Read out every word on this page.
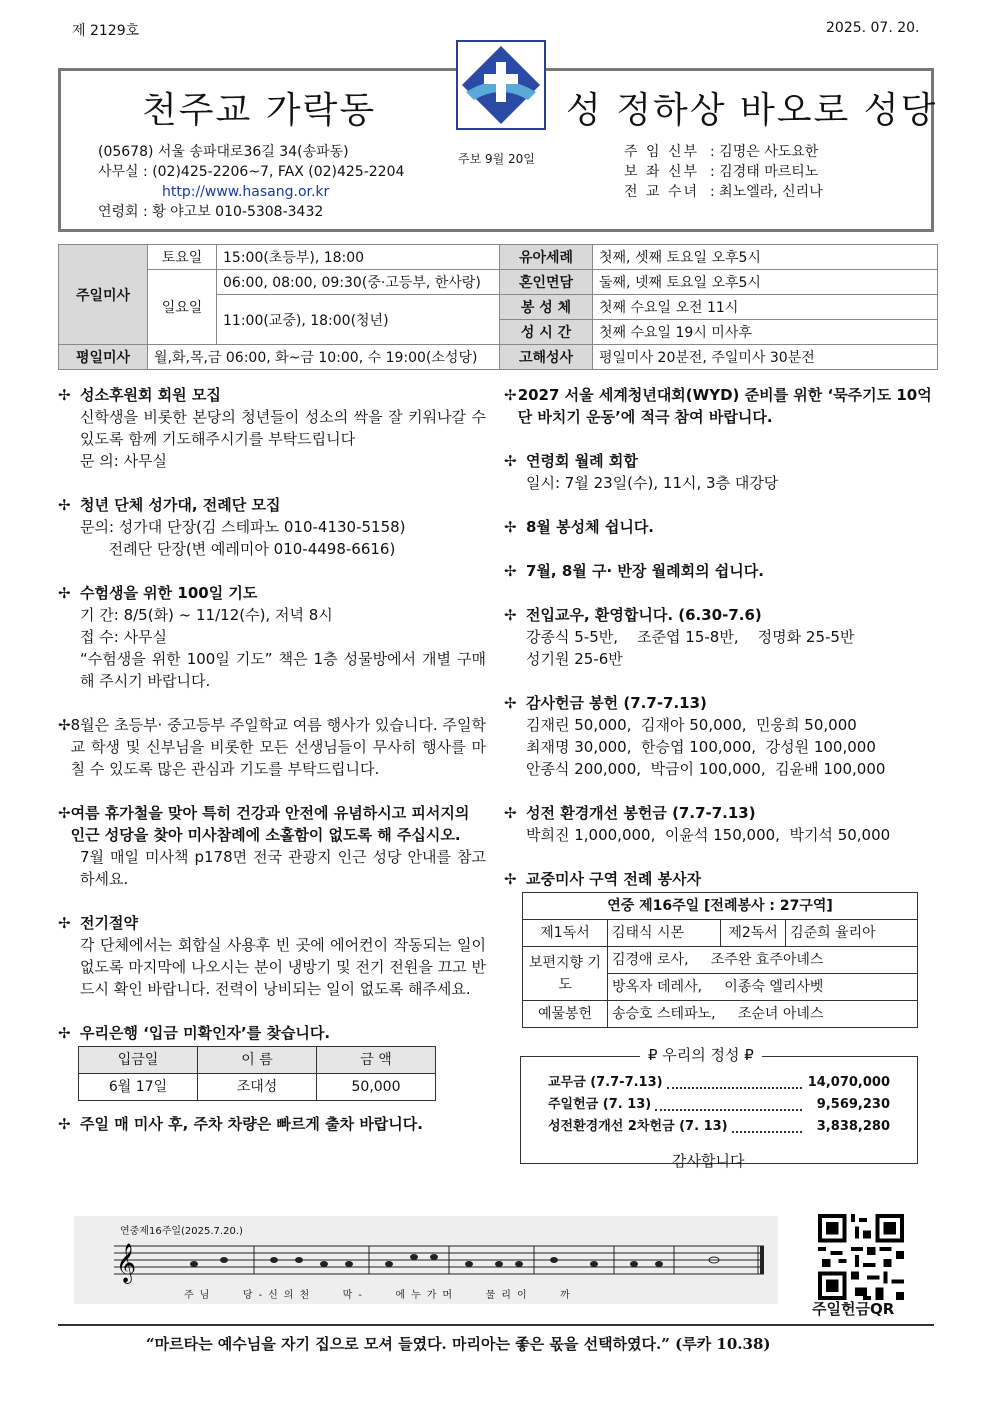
제 2129호	2025. 07. 20.
천주교 가락동	성 정하상 바오로 성당
(05678) 서울 송파대로36길 34(송파동)
사무실 : (02)425-2206~7, FAX (02)425-2204
http://www.hasang.or.kr
연령회 : 황 야고보 010-5308-3432
주보 9월 20일	주 임 신부 : 김명은 사도요한
보 좌 신부 : 김경태 마르티노
전 교 수녀 : 최노엘라, 신리나
주일미사	토요일	15:00(초등부), 18:00	유아세례	첫째, 셋째 토요일 오후5시
	일요일	06:00, 08:00, 09:30(중·고등부, 한사랑)	혼인면담	둘째, 넷째 토요일 오후5시
		11:00(교중), 18:00(청년)	봉 성 체	첫째 수요일 오전 11시
			성 시 간	첫째 수요일 19시 미사후
평일미사	월,화,목,금 06:00, 화~금 10:00, 수 19:00(소성당)		고해성사	평일미사 20분전, 주일미사 30분전
✢ 성소후원회 회원 모집
신학생을 비롯한 본당의 청년들이 성소의 싹을 잘 키워나갈 수 있도록 함께 기도해주시기를 부탁드립니다
문 의: 사무실
✢ 청년 단체 성가대, 전례단 모집
문의: 성가대 단장(김 스테파노 010-4130-5158)
전례단 단장(변 예레미아 010-4498-6616)
✢ 수험생을 위한 100일 기도
기 간: 8/5(화) ~ 11/12(수), 저녁 8시
접 수: 사무실
“수험생을 위한 100일 기도” 책은 1층 성물방에서 개별 구매해 주시기 바랍니다.
✢ 8월은 초등부· 중고등부 주일학교 여름 행사가 있습니다. 주일학교 학생 및 신부님을 비롯한 모든 선생님들이 무사히 행사를 마칠 수 있도록 많은 관심과 기도를 부탁드립니다.
✢ 여름 휴가철을 맞아 특히 건강과 안전에 유념하시고 피서지의 인근 성당을 찾아 미사참례에 소홀함이 없도록 해 주십시오.
7월 매일 미사책 p178면 전국 관광지 인근 성당 안내를 참고하세요.
✢ 전기절약
각 단체에서는 회합실 사용후 빈 곳에 에어컨이 작동되는 일이 없도록 마지막에 나오시는 분이 냉방기 및 전기 전원을 끄고 반드시 확인 바랍니다. 전력이 낭비되는 일이 없도록 해주세요.
✢ 우리은행 ‘입금 미확인자’를 찾습니다.
입금일	이 름	금 액
6월 17일	조대성	50,000
✢ 주일 매 미사 후, 주차 차량은 빠르게 출차 바랍니다.
✢ 2027 서울 세계청년대회(WYD) 준비를 위한 ‘묵주기도 10억단 바치기 운동’에 적극 참여 바랍니다.
✢ 연령회 월례 회합
일시: 7월 23일(수), 11시, 3층 대강당
✢ 8월 봉성체 쉽니다.
✢ 7월, 8월 구· 반장 월례회의 쉽니다.
✢ 전입교우, 환영합니다. (6.30-7.6)
강종식 5-5반,    조준엽 15-8반,    정명화 25-5반
성기원 25-6반
✢ 감사헌금 봉헌 (7.7-7.13)
김재린 50,000,  김재아 50,000,  민웅희 50,000
최재명 30,000,  한승엽 100,000,  강성원 100,000
안종식 200,000,  박금이 100,000,  김윤배 100,000
✢ 성전 환경개선 봉헌금 (7.7-7.13)
박희진 1,000,000,  이윤석 150,000,  박기석 50,000
✢ 교중미사 구역 전례 봉사자
연중 제16주일 [전례봉사 : 27구역]			
제1독서	김태식 시몬	제2독서	김준희 율리아
보편지향 기도	김경애 로사,     조주완 효주아녜스		
	방옥자 데레사,     이종숙 엘리사벳		
예물봉헌	송승호 스테파노,     조순녀 아녜스		
₽ 우리의 정성 ₽
교무금 (7.7-7.13)	14,070,000
주일헌금 (7. 13)	9,569,230
성전환경개선 2차헌금 (7. 13)	3,838,280
감사합니다
연중제16주일(2025.7.20.)
𝄞
주님   당-신의천   막-   에누가머   물리이   까
주일헌금QR
“마르타는 예수님을 자기 집으로 모셔 들였다. 마리아는 좋은 몫을 선택하였다.” (루카 10.38)
